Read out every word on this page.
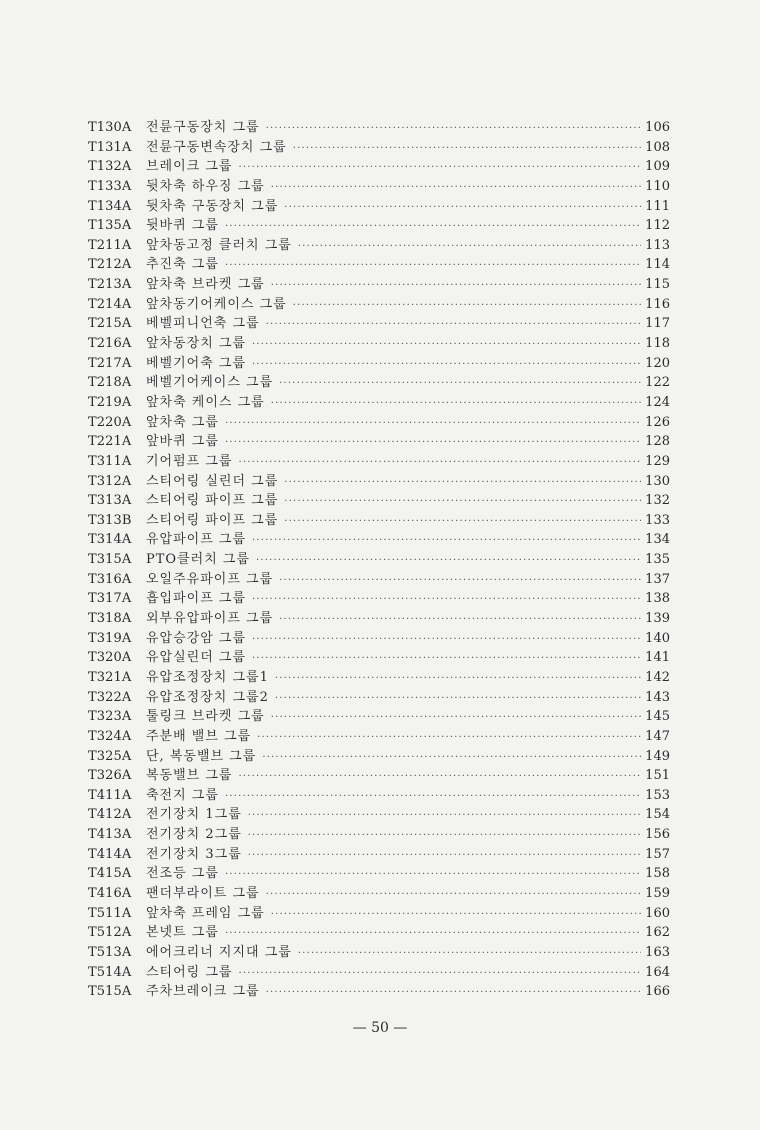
T130A	전륜구동장치 그룹 ·····	106
T131A	전륜구동변속장치 그룹 ·····	108
T132A	브레이크 그룹 ·····	109
T133A	뒷차축 하우징 그룹 ·····	110
T134A	뒷차축 구동장치 그룹 ·····	111
T135A	뒷바퀴 그룹 ·····	112
T211A	앞차동고정 클러치 그룹 ·····	113
T212A	추진축 그룹 ·····	114
T213A	앞차축 브라켓 그룹 ·····	115
T214A	앞차동기어케이스 그룹 ·····	116
T215A	베벨피니언축 그룹 ·····	117
T216A	앞차동장치 그룹 ·····	118
T217A	베벨기어축 그룹 ·····	120
T218A	베벨기어케이스 그룹 ·····	122
T219A	앞차축 케이스 그룹 ·····	124
T220A	앞차축 그룹 ·····	126
T221A	앞바퀴 그룹 ·····	128
T311A	기어펌프 그룹 ·····	129
T312A	스티어링 실린더 그룹 ·····	130
T313A	스티어링 파이프 그룹 ·····	132
T313B	스티어링 파이프 그룹 ·····	133
T314A	유압파이프 그룹 ·····	134
T315A	PTO클러치 그룹 ·····	135
T316A	오일주유파이프 그룹 ·····	137
T317A	흡입파이프 그룹 ·····	138
T318A	외부유압파이프 그룹 ·····	139
T319A	유압승강암 그룹 ·····	140
T320A	유압실린더 그룹 ·····	141
T321A	유압조정장치 그룹1 ·····	142
T322A	유압조정장치 그룹2 ·····	143
T323A	툴링크 브라켓 그룹 ·····	145
T324A	주분배 밸브 그룹 ·····	147
T325A	단, 복동밸브 그룹 ·····	149
T326A	복동밸브 그룹 ·····	151
T411A	축전지 그룹 ·····	153
T412A	전기장치 1그룹 ·····	154
T413A	전기장치 2그룹 ·····	156
T414A	전기장치 3그룹 ·····	157
T415A	전조등 그룹 ·····	158
T416A	팬더부라이트 그룹 ·····	159
T511A	앞차축 프레임 그룹 ·····	160
T512A	본넷트 그룹 ·····	162
T513A	에어크리너 지지대 그룹 ·····	163
T514A	스티어링 그룹 ·····	164
T515A	주차브레이크 그룹 ·····	166
— 50 —
